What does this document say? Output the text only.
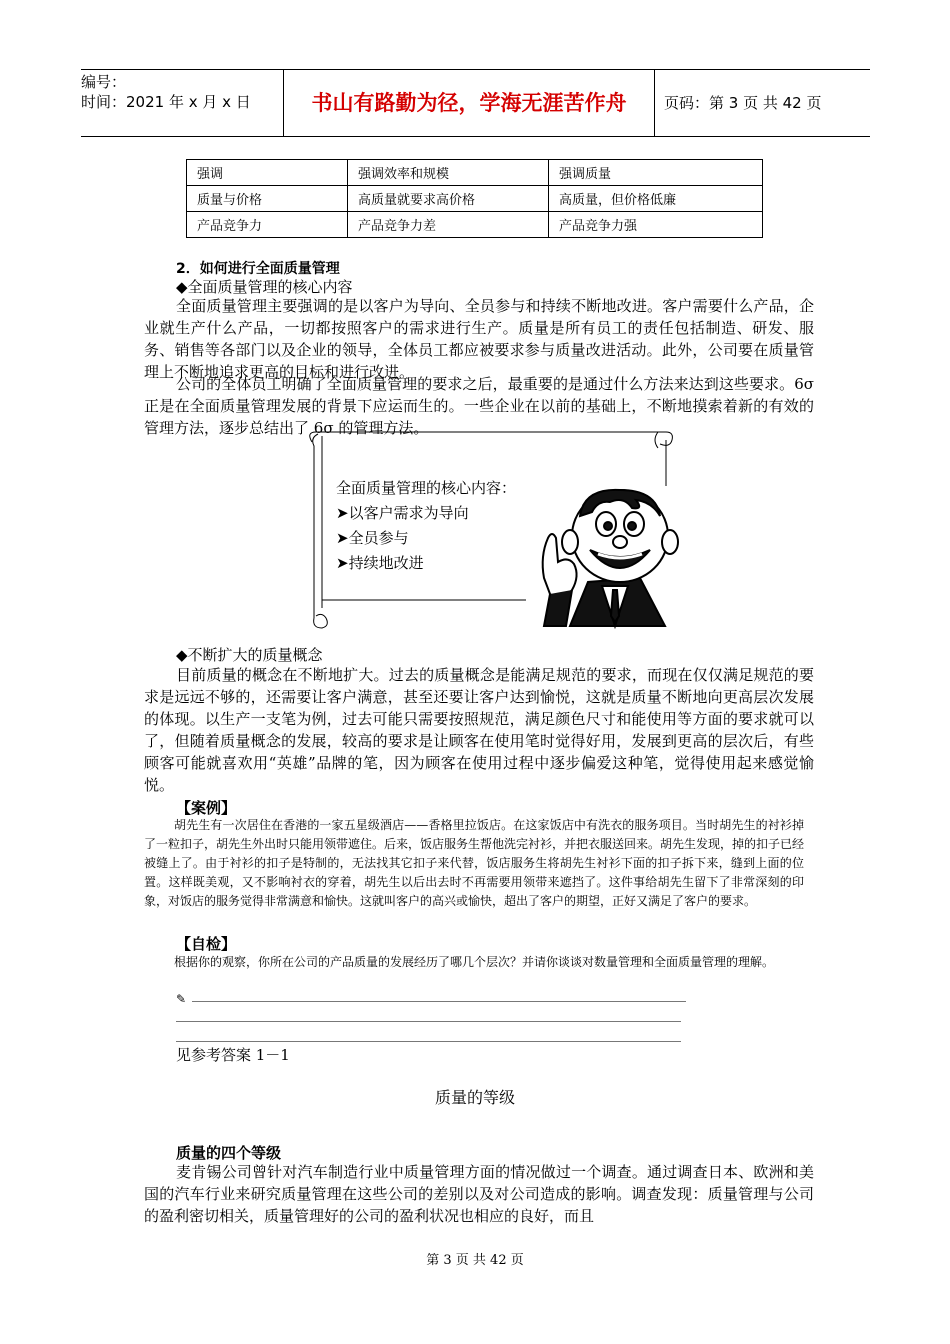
编号：
时间：2021 年 x 月 x 日	书山有路勤为径，学海无涯苦作舟	页码：第 3 页 共 42 页
强调	强调效率和规模	强调质量
质量与价格	高质量就要求高价格	高质量，但价格低廉
产品竞争力	产品竞争力差	产品竞争力强
2．如何进行全面质量管理
◆全面质量管理的核心内容
全面质量管理主要强调的是以客户为导向、全员参与和持续不断地改进。客户需要什么产品，企业就生产什么产品，一切都按照客户的需求进行生产。质量是所有员工的责任包括制造、研发、服务、销售等各部门以及企业的领导，全体员工都应被要求参与质量改进活动。此外，公司要在质量管理上不断地追求更高的目标和进行改进。
公司的全体员工明确了全面质量管理的要求之后，最重要的是通过什么方法来达到这些要求。6σ 正是在全面质量管理发展的背景下应运而生的。一些企业在以前的基础上，不断地摸索着新的有效的管理方法，逐步总结出了 6σ 的管理方法。
全面质量管理的核心内容：
➤以客户需求为导向
➤全员参与
➤持续地改进
◆不断扩大的质量概念
目前质量的概念在不断地扩大。过去的质量概念是能满足规范的要求，而现在仅仅满足规范的要求是远远不够的，还需要让客户满意，甚至还要让客户达到愉悦，这就是质量不断地向更高层次发展的体现。以生产一支笔为例，过去可能只需要按照规范，满足颜色尺寸和能使用等方面的要求就可以了，但随着质量概念的发展，较高的要求是让顾客在使用笔时觉得好用，发展到更高的层次后，有些顾客可能就喜欢用“英雄”品牌的笔，因为顾客在使用过程中逐步偏爱这种笔，觉得使用起来感觉愉悦。
【案例】
胡先生有一次居住在香港的一家五星级酒店——香格里拉饭店。在这家饭店中有洗衣的服务项目。当时胡先生的衬衫掉了一粒扣子，胡先生外出时只能用领带遮住。后来，饭店服务生帮他洗完衬衫，并把衣服送回来。胡先生发现，掉的扣子已经被缝上了。由于衬衫的扣子是特制的，无法找其它扣子来代替，饭店服务生将胡先生衬衫下面的扣子拆下来，缝到上面的位置。这样既美观，又不影响衬衣的穿着，胡先生以后出去时不再需要用领带来遮挡了。这件事给胡先生留下了非常深刻的印象，对饭店的服务觉得非常满意和愉快。这就叫客户的高兴或愉快，超出了客户的期望，正好又满足了客户的要求。
【自检】
根据你的观察，你所在公司的产品质量的发展经历了哪几个层次？并请你谈谈对数量管理和全面质量管理的理解。
✎
见参考答案 1－1
质量的等级
质量的四个等级
麦肯锡公司曾针对汽车制造行业中质量管理方面的情况做过一个调查。通过调查日本、欧洲和美国的汽车行业来研究质量管理在这些公司的差别以及对公司造成的影响。调查发现：质量管理与公司的盈利密切相关，质量管理好的公司的盈利状况也相应的良好，而且
第 3 页 共 42 页
